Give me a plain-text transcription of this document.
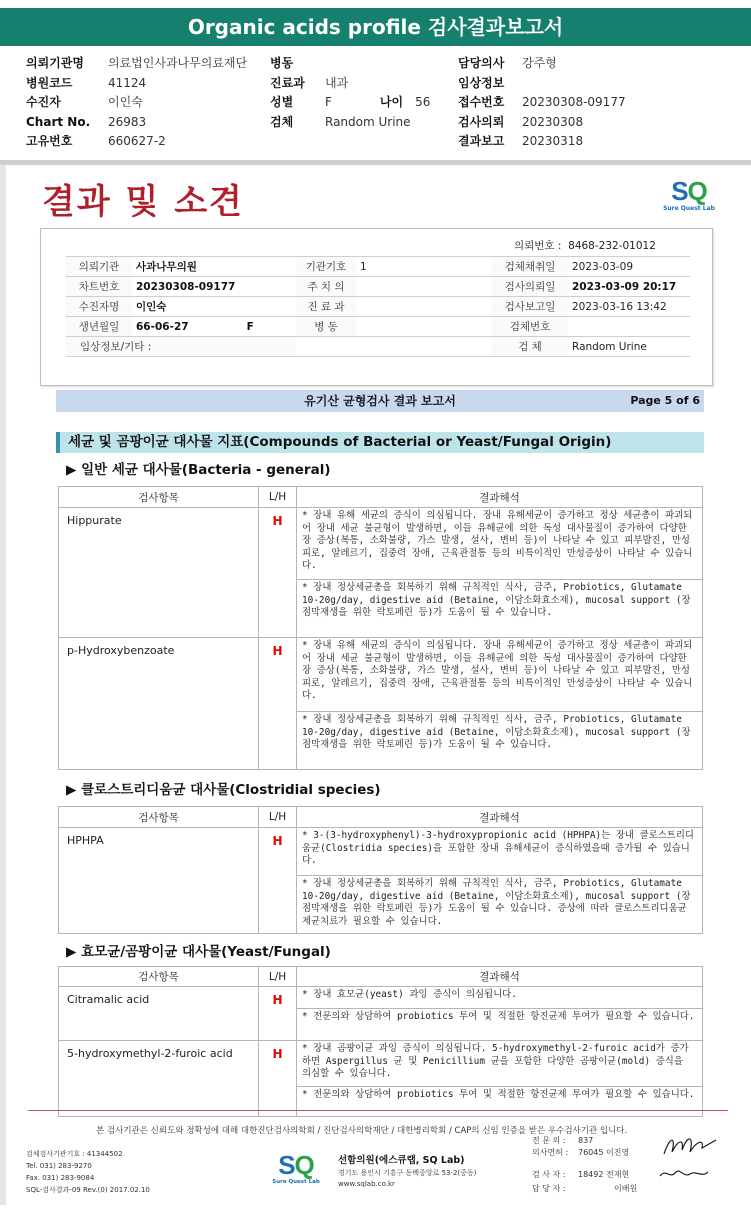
Organic acids profile 검사결과보고서
의뢰기관명	의료법인사과나무의료재단
병원코드	41124
수진자	이인숙
Chart No.	26983
고유번호	660627-2
병동
진료과	내과
성별	F	나이 56
검체	Random Urine
담당의사	강주형
임상정보
접수번호	20230308-09177
검사의뢰	20230308
결과보고	20230318
결과 및 소견	SQ
Sure Quest Lab
의뢰번호 : 8468-232-01012
의뢰기관	사과나무의원	기관기호	1	검체채취일	2023-03-09
차트번호	20230308-09177	주 치 의		검사의뢰일	2023-03-09 20:17
수진자명	이인숙	진 료 과		검사보고일	2023-03-16 13:42
생년월일	66-06-27 F	병 동		검체번호	
임상정보/기타 :				검 체	Random Urine
유기산 균형검사 결과 보고서	Page 5 of 6
세균 및 곰팡이균 대사물 지표(Compounds of Bacterial or Yeast/Fungal Origin)
▶ 일반 세균 대사물(Bacteria - general)
검사항목	L/H	결과해석
Hippurate	H	* 장내 유해 세균의 증식이 의심됩니다. 장내 유해세균이 증가하고 정상 세균총이 파괴되어 장내 세균 불균형이 발생하면, 이들 유해균에 의한 독성 대사물질이 증가하여 다양한 장 증상(복통, 소화불량, 가스 발생, 설사, 변비 등)이 나타날 수 있고 피부발진, 만성피로, 알레르기, 집중력 장애, 근육관절통 등의 비특이적인 만성증상이 나타날 수 있습니다.
		* 장내 정상세균총을 회복하기 위해 규칙적인 식사, 금주, Probiotics, Glutamate 10-20g/day, digestive aid (Betaine, 이담소화효소제), mucosal support (장점막재생을 위한 락토페린 등)가 도움이 될 수 있습니다.
p-Hydroxybenzoate	H	* 장내 유해 세균의 증식이 의심됩니다. 장내 유해세균이 증가하고 정상 세균총이 파괴되어 장내 세균 불균형이 발생하면, 이들 유해균에 의한 독성 대사물질이 증가하여 다양한 장 증상(복통, 소화불량, 가스 발생, 설사, 변비 등)이 나타날 수 있고 피부발진, 만성피로, 알레르기, 집중력 장애, 근육관절통 등의 비특이적인 만성증상이 나타날 수 있습니다.
		* 장내 정상세균총을 회복하기 위해 규칙적인 식사, 금주, Probiotics, Glutamate 10-20g/day, digestive aid (Betaine, 이담소화효소제), mucosal support (장점막재생을 위한 락토페린 등)가 도움이 될 수 있습니다.
▶ 클로스트리디움균 대사물(Clostridial species)
검사항목	L/H	결과해석
HPHPA	H	* 3-(3-hydroxyphenyl)-3-hydroxypropionic acid (HPHPA)는 장내 클로스트리디움균(Clostridia species)을 포함한 장내 유해세균이 증식하였을때 증가될 수 있습니다.
		* 장내 정상세균총을 회복하기 위해 규칙적인 식사, 금주, Probiotics, Glutamate 10-20g/day, digestive aid (Betaine, 이담소화효소제), mucosal support (장점막재생을 위한 락토페린 등)가 도움이 될 수 있습니다. 증상에 따라 클로스트리디움균 제균치료가 필요할 수 있습니다.
▶ 효모균/곰팡이균 대사물(Yeast/Fungal)
검사항목	L/H	결과해석
Citramalic acid	H	* 장내 효모균(yeast) 과잉 증식이 의심됩니다.
		* 전문의와 상담하여 probiotics 투여 및 적절한 항진균제 투여가 필요할 수 있습니다.
5-hydroxymethyl-2-furoic acid	H	* 장내 곰팡이균 과잉 증식이 의심됩니다. 5-hydroxymethyl-2-furoic acid가 증가하면 Aspergillus 균 및 Penicillium 균을 포함한 다양한 곰팡이균(mold) 증식을 의심할 수 있습니다.
		* 전문의와 상담하여 probiotics 투여 및 적절한 항진균제 투여가 필요할 수 있습니다.
본 검사기관은 신뢰도와 정확성에 대해 대한진단검사의학회 / 진단검사의학재단 / 대한병리학회 / CAP의 신임 인증을 받은 우수검사기관 입니다.
검체검사기관기호 : 41344502
Tel. 031) 283-9270
Fax. 031) 283-9084
SQL-검사결과-09 Rev.(0) 2017.02.10
SQ
Sure Quest Lab
선함의원(에스큐랩, SQ Lab)
경기도 용인시 기흥구 동백중앙로 53-2(중동)
www.sqlab.co.kr
전 문 의 :	837
의사면허 :	76045 이진영
검 사 자 :	18492 전재현
담 당 자 :	이배원
